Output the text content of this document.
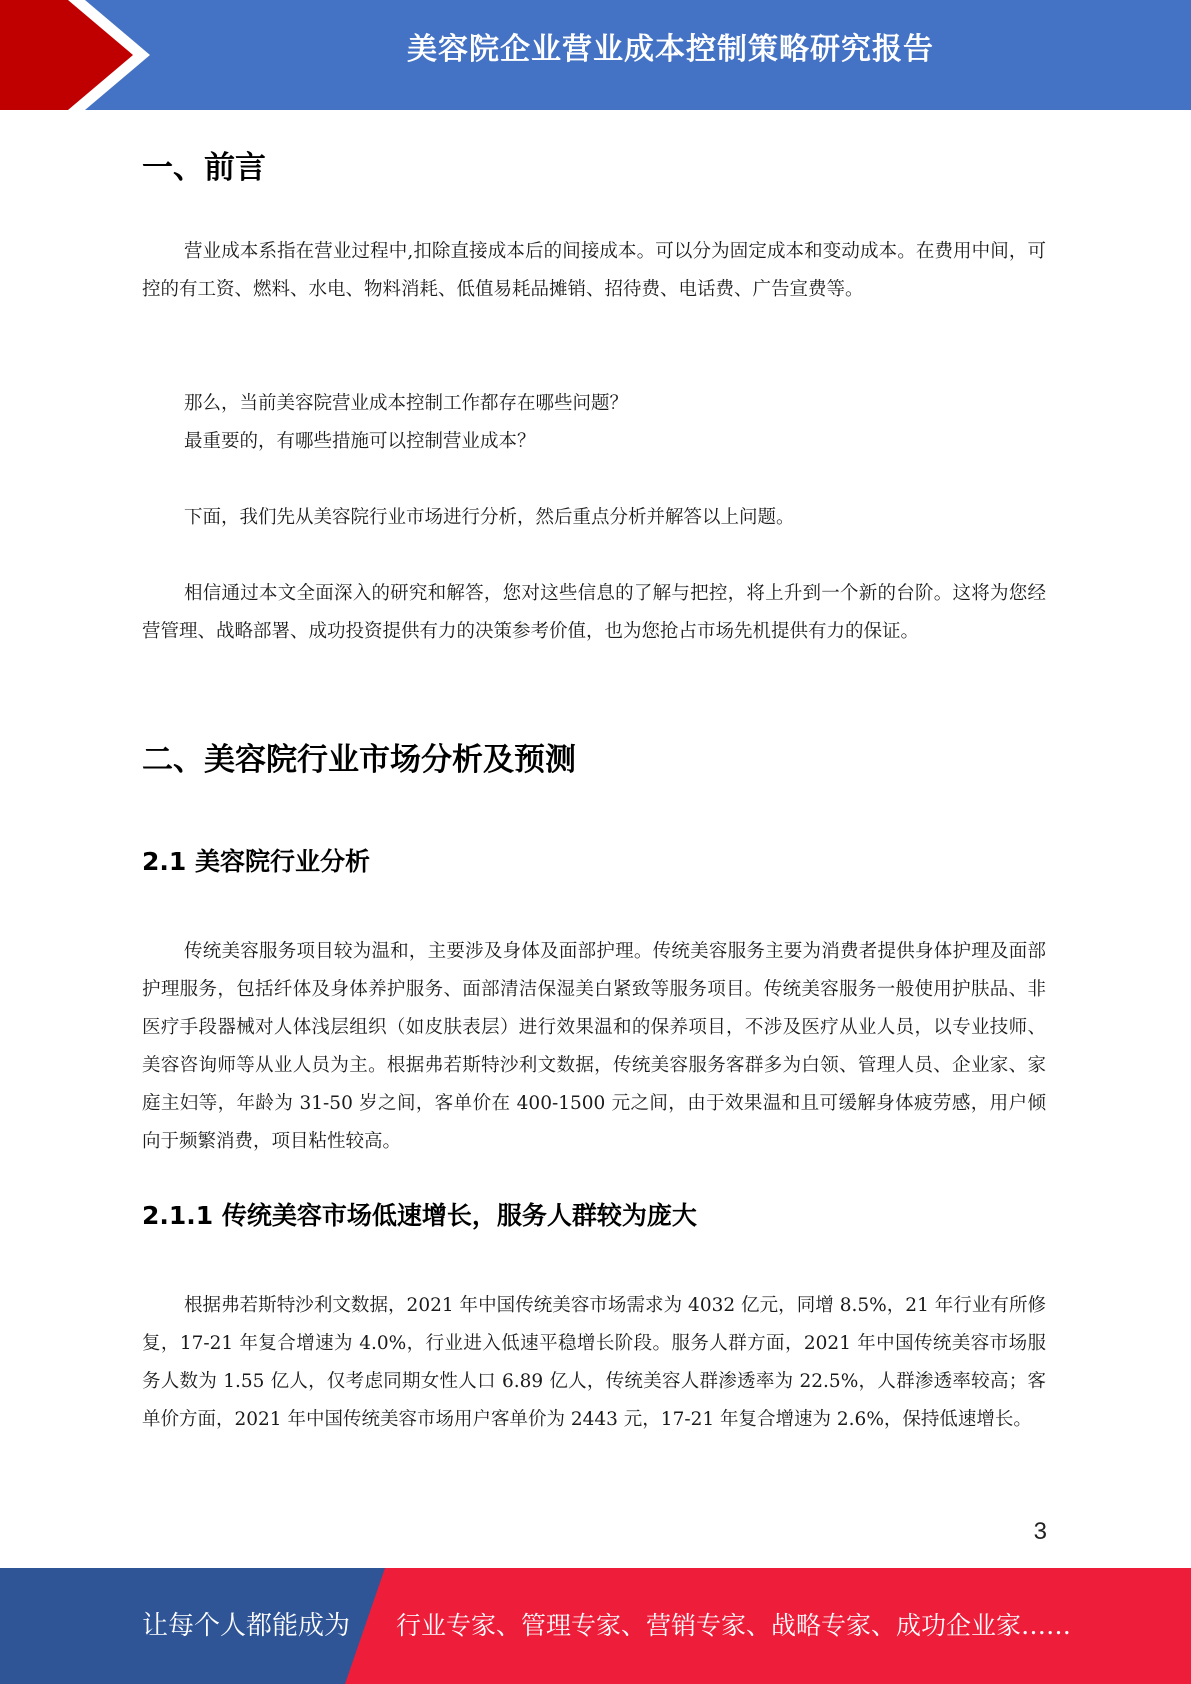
美容院企业营业成本控制策略研究报告
一、前言

营业成本系指在营业过程中,扣除直接成本后的间接成本。可以分为固定成本和变动成本。在费用中间，可控的有工资、燃料、水电、物料消耗、低值易耗品摊销、招待费、电话费、广告宣费等。

那么，当前美容院营业成本控制工作都存在哪些问题？
最重要的，有哪些措施可以控制营业成本？
下面，我们先从美容院行业市场进行分析，然后重点分析并解答以上问题。

相信通过本文全面深入的研究和解答，您对这些信息的了解与把控，将上升到一个新的台阶。这将为您经营管理、战略部署、成功投资提供有力的决策参考价值，也为您抢占市场先机提供有力的保证。

二、美容院行业市场分析及预测
2.1 美容院行业分析

传统美容服务项目较为温和，主要涉及身体及面部护理。传统美容服务主要为消费者提供身体护理及面部护理服务，包括纤体及身体养护服务、面部清洁保湿美白紧致等服务项目。传统美容服务一般使用护肤品、非医疗手段器械对人体浅层组织（如皮肤表层）进行效果温和的保养项目，不涉及医疗从业人员，以专业技师、美容咨询师等从业人员为主。根据弗若斯特沙利文数据，传统美容服务客群多为白领、管理人员、企业家、家庭主妇等，年龄为 31-50 岁之间，客单价在 400-1500 元之间，由于效果温和且可缓解身体疲劳感，用户倾向于频繁消费，项目粘性较高。

2.1.1 传统美容市场低速增长，服务人群较为庞大

根据弗若斯特沙利文数据，2021 年中国传统美容市场需求为 4032 亿元，同增 8.5%，21 年行业有所修复，17-21 年复合增速为 4.0%，行业进入低速平稳增长阶段。服务人群方面，2021 年中国传统美容市场服务人数为 1.55 亿人，仅考虑同期女性人口 6.89 亿人，传统美容人群渗透率为 22.5%，人群渗透率较高；客单价方面，2021 年中国传统美容市场用户客单价为 2443 元，17-21 年复合增速为 2.6%，保持低速增长。

3
让每个人都能成为 行业专家、管理专家、营销专家、战略专家、成功企业家……
